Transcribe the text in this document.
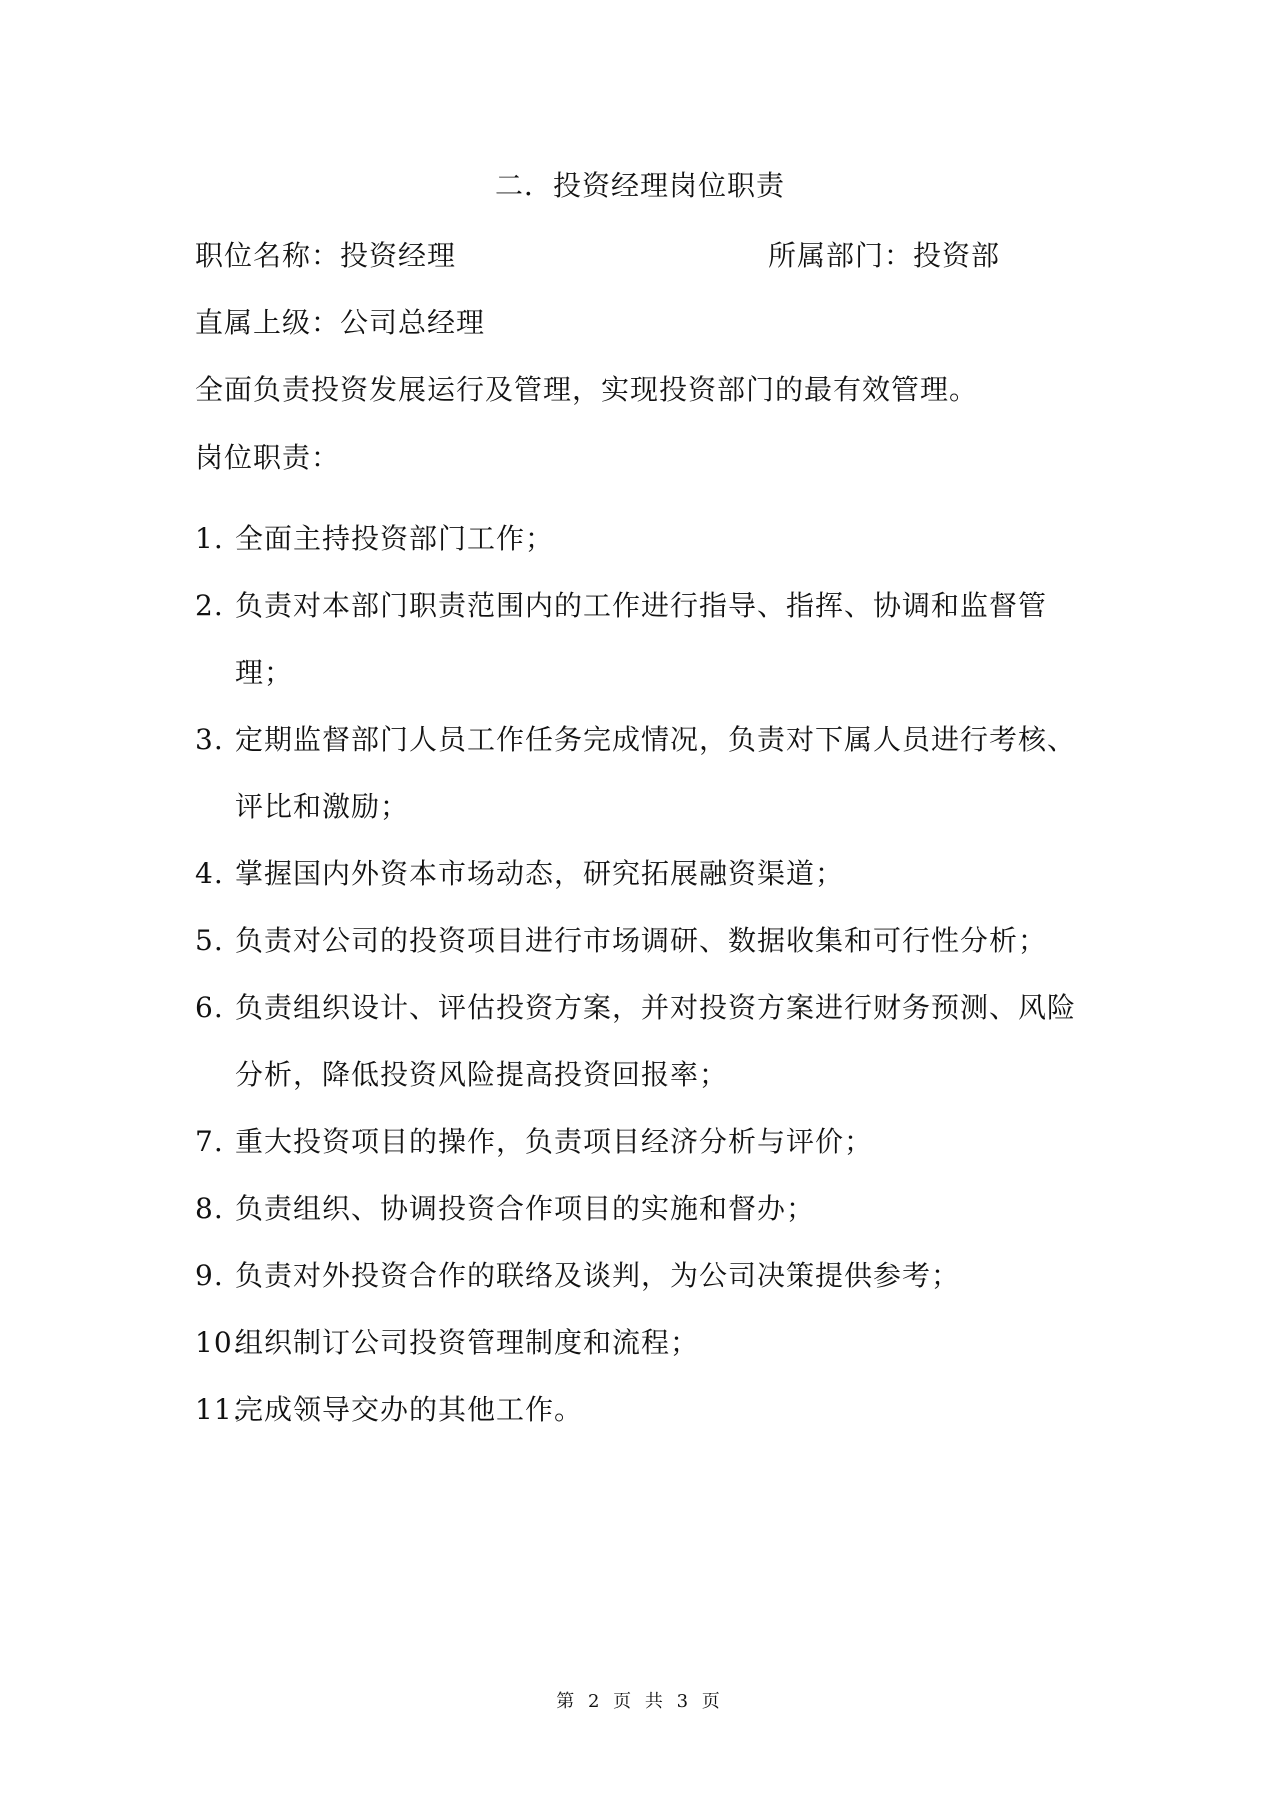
二．投资经理岗位职责
职位名称：投资经理	所属部门：投资部
直属上级：公司总经理
全面负责投资发展运行及管理，实现投资部门的最有效管理。
岗位职责：
1. 全面主持投资部门工作；
2. 负责对本部门职责范围内的工作进行指导、指挥、协调和监督管理；
3. 定期监督部门人员工作任务完成情况，负责对下属人员进行考核、评比和激励；
4. 掌握国内外资本市场动态，研究拓展融资渠道；
5. 负责对公司的投资项目进行市场调研、数据收集和可行性分析；
6. 负责组织设计、评估投资方案，并对投资方案进行财务预测、风险分析，降低投资风险提高投资回报率；
7. 重大投资项目的操作，负责项目经济分析与评价；
8. 负责组织、协调投资合作项目的实施和督办；
9. 负责对外投资合作的联络及谈判，为公司决策提供参考；
10.
组织制订公司投资管理制度和流程；
11.
完成领导交办的其他工作。
第 2 页 共 3 页
